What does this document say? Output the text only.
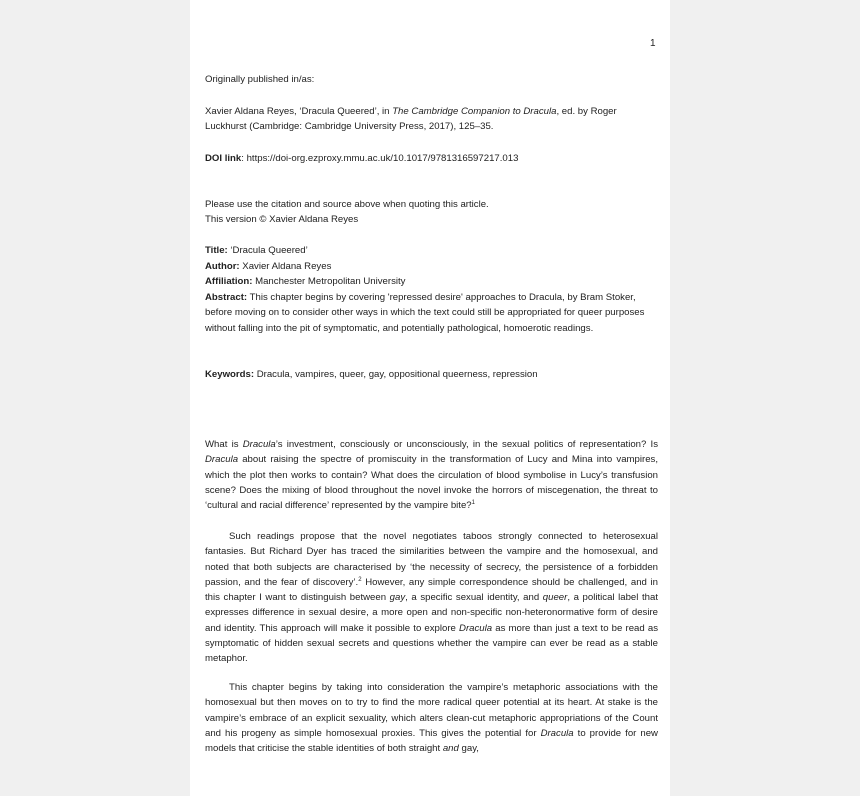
1
Originally published in/as:
Xavier Aldana Reyes, ‘Dracula Queered’, in The Cambridge Companion to Dracula, ed. by Roger Luckhurst (Cambridge: Cambridge University Press, 2017), 125–35.
DOI link: https://doi-org.ezproxy.mmu.ac.uk/10.1017/9781316597217.013
Please use the citation and source above when quoting this article.
This version © Xavier Aldana Reyes
Title: ‘Dracula Queered’
Author: Xavier Aldana Reyes
Affiliation: Manchester Metropolitan University
Abstract: This chapter begins by covering 'repressed desire' approaches to Dracula, by Bram Stoker, before moving on to consider other ways in which the text could still be appropriated for queer purposes without falling into the pit of symptomatic, and potentially pathological, homoerotic readings.
Keywords: Dracula, vampires, queer, gay, oppositional queerness, repression
What is Dracula’s investment, consciously or unconsciously, in the sexual politics of representation? Is Dracula about raising the spectre of promiscuity in the transformation of Lucy and Mina into vampires, which the plot then works to contain? What does the circulation of blood symbolise in Lucy’s transfusion scene? Does the mixing of blood throughout the novel invoke the horrors of miscegenation, the threat to ‘cultural and racial difference’ represented by the vampire bite?$^1$
Such readings propose that the novel negotiates taboos strongly connected to heterosexual fantasies. But Richard Dyer has traced the similarities between the vampire and the homosexual, and noted that both subjects are characterised by ‘the necessity of secrecy, the persistence of a forbidden passion, and the fear of discovery’.$^2$ However, any simple correspondence should be challenged, and in this chapter I want to distinguish between gay, a specific sexual identity, and queer, a political label that expresses difference in sexual desire, a more open and non-specific non-heteronormative form of desire and identity. This approach will make it possible to explore Dracula as more than just a text to be read as symptomatic of hidden sexual secrets and questions whether the vampire can ever be read as a stable metaphor.
This chapter begins by taking into consideration the vampire’s metaphoric associations with the homosexual but then moves on to try to find the more radical queer potential at its heart. At stake is the vampire’s embrace of an explicit sexuality, which alters clean-cut metaphoric appropriations of the Count and his progeny as simple homosexual proxies. This gives the potential for Dracula to provide for new models that criticise the stable identities of both straight and gay,
